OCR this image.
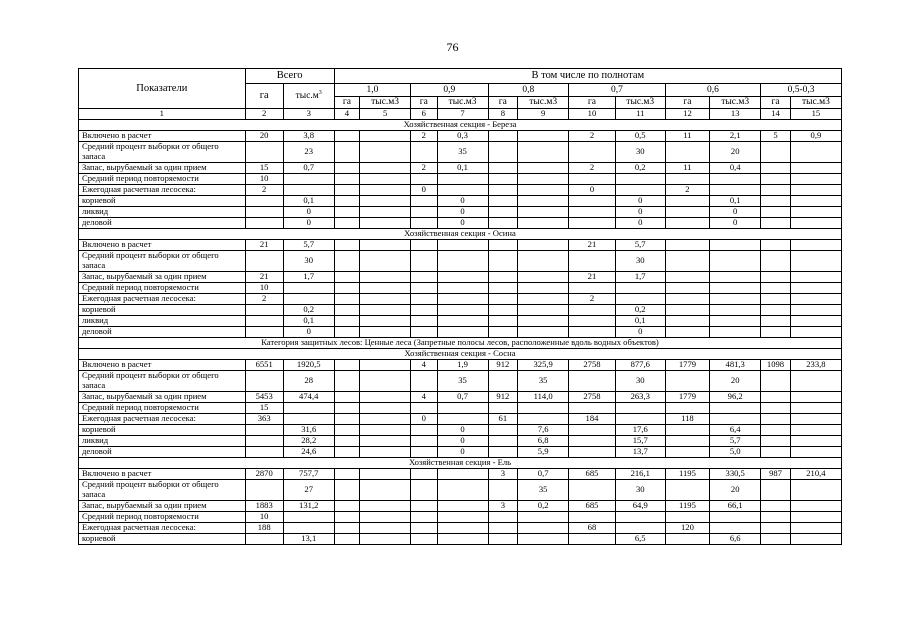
76
Показатели	Всего		В том числе по полнотам											
	га	$тыс.м^3$	1,0		0,9		0,8		0,7		0,6		0,5-0,3	
			га	тыс.м3	га	тыс.м3	га	тыс.м3	га	тыс.м3	га	тыс.м3	га	тыс.м3
1	2	3	4	5	6	7	8	9	10	11	12	13	14	15
Хозяйственная секция - Береза														
Включено в расчет	20	3,8			2	0,3			2	0,5	11	2,1	5	0,9
Средний процент выборки от общего запаса		23				35				30		20		
Запас, вырубаемый за один прием	15	0,7			2	0,1			2	0,2	11	0,4		
Средний период повторяемости	10													
Ежегодная расчетная лесосека:	2				0				0		2			
корневой		0,1				0				0		0,1		
ликвид		0				0				0		0		
деловой		0				0				0		0		
Хозяйственная секция - Осина														
Включено в расчет	21	5,7							21	5,7				
Средний процент выборки от общего запаса		30								30				
Запас, вырубаемый за один прием	21	1,7							21	1,7				
Средний период повторяемости	10													
Ежегодная расчетная лесосека:	2								2					
корневой		0,2								0,2				
ликвид		0,1								0,1				
деловой		0								0				
Категория защитных лесов: Ценные леса (Запретные полосы лесов, расположенные вдоль водных объектов)														
Хозяйственная секция - Сосна														
Включено в расчет	6551	1920,5			4	1,9	912	325,9	2758	877,6	1779	481,3	1098	233,8
Средний процент выборки от общего запаса		28				35		35		30		20		
Запас, вырубаемый за один прием	5453	474,4			4	0,7	912	114,0	2758	263,3	1779	96,2		
Средний период повторяемости	15													
Ежегодная расчетная лесосека:	363				0		61		184		118			
корневой		31,6				0		7,6		17,6		6,4		
ликвид		28,2				0		6,8		15,7		5,7		
деловой		24,6				0		5,9		13,7		5,0		
Хозяйственная секция - Ель														
Включено в расчет	2870	757,7					3	0,7	685	216,1	1195	330,5	987	210,4
Средний процент выборки от общего запаса		27						35		30		20		
Запас, вырубаемый за один прием	1883	131,2					3	0,2	685	64,9	1195	66,1		
Средний период повторяемости	10													
Ежегодная расчетная лесосека:	188								68		120			
корневой		13,1								6,5		6,6		
